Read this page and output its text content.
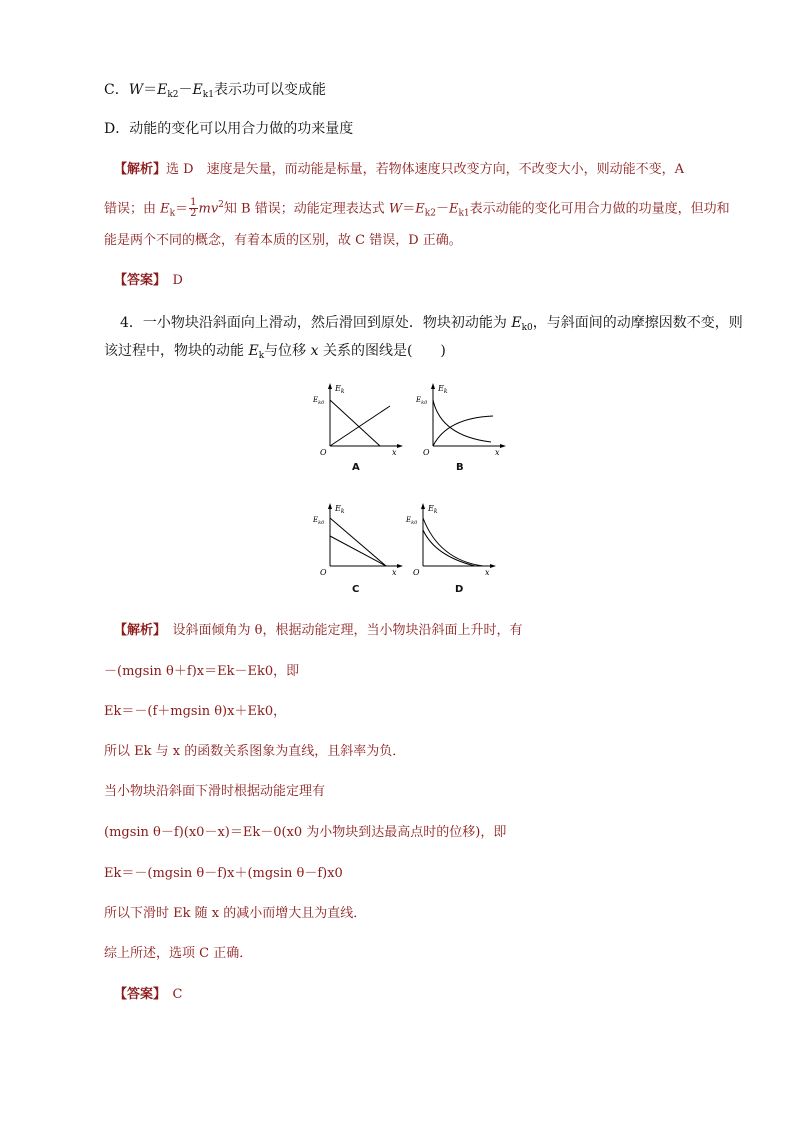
C．$W=E_{k2}-E_{k1}$表示功可以变成能
D．动能的变化可以用合力做的功来量度
【解析】选 D　速度是矢量，而动能是标量，若物体速度只改变方向，不改变大小，则动能不变，A
错误；由 $E_k= \frac{1}{2} mv^2$知 B 错误；动能定理表达式 $W=E_{k2}-E_{k1}$表示动能的变化可用合力做的功量度，但功和
能是两个不同的概念，有着本质的区别，故 C 错误，D 正确。
【答案】　 D
4．一小物块沿斜面向上滑动，然后滑回到原处．物块初动能为 $E_{k0}$，与斜面间的动摩擦因数不变，则
该过程中，物块的动能 $E_k$与位移 x 关系的图线是(　　)
$E_k$
$E_{k0}$
O	x
A
$E_k$
$E_{k0}$
O	x
B
$E_k$
$E_{k0}$
O	x
C
$E_k$
$E_{k0}$
O	x
D
【解析】　 设斜面倾角为 θ，根据动能定理，当小物块沿斜面上升时，有
－(mgsin θ＋f)x＝Ek－Ek0，即
Ek＝－(f＋mgsin θ)x＋Ek0，
所以 Ek 与 x 的函数关系图象为直线，且斜率为负．
当小物块沿斜面下滑时根据动能定理有
(mgsin θ－f)(x0－x)＝Ek－0(x0 为小物块到达最高点时的位移)，即
Ek＝－(mgsin θ－f)x＋(mgsin θ－f)x0
所以下滑时 Ek 随 x 的减小而增大且为直线．
综上所述，选项 C 正确．
【答案】　 C
